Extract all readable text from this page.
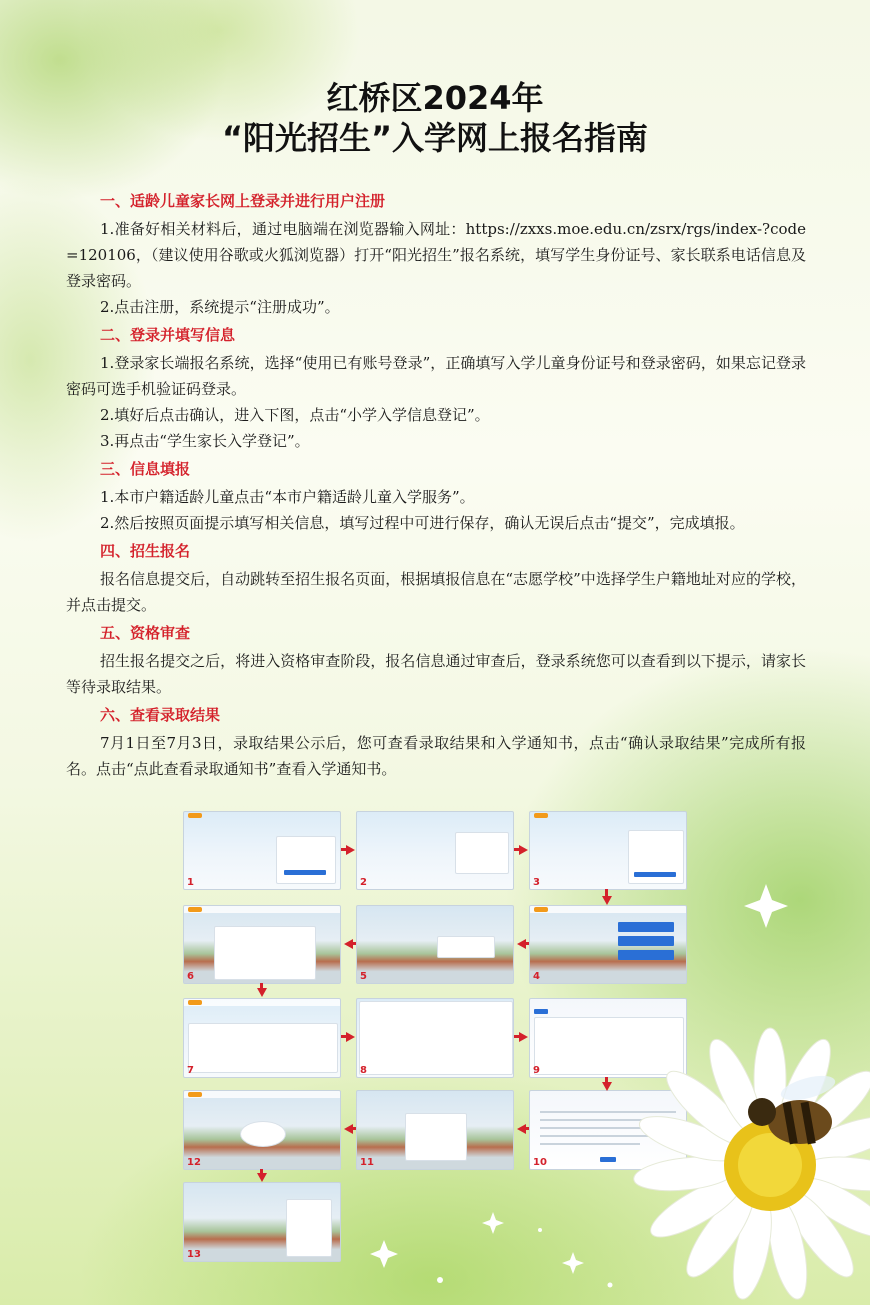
红桥区2024年
“阳光招生”入学网上报名指南
一、适龄儿童家长网上登录并进行用户注册

1.准备好相关材料后，通过电脑端在浏览器输入网址：https://zxxs.moe.edu.cn/zsrx/rgs/index-?code=120106，（建议使用谷歌或火狐浏览器）打开“阳光招生”报名系统，填写学生身份证号、家长联系电话信息及登录密码。

2.点击注册，系统提示“注册成功”。

二、登录并填写信息

1.登录家长端报名系统，选择“使用已有账号登录”，正确填写入学儿童身份证号和登录密码，如果忘记登录密码可选手机验证码登录。

2.填好后点击确认，进入下图，点击“小学入学信息登记”。

3.再点击“学生家长入学登记”。

三、信息填报

1.本市户籍适龄儿童点击“本市户籍适龄儿童入学服务”。

2.然后按照页面提示填写相关信息，填写过程中可进行保存，确认无误后点击“提交”，完成填报。

四、招生报名

报名信息提交后，自动跳转至招生报名页面，根据填报信息在“志愿学校”中选择学生户籍地址对应的学校，并点击提交。

五、资格审查

招生报名提交之后，将进入资格审查阶段，报名信息通过审查后，登录系统您可以查看到以下提示，请家长等待录取结果。

六、查看录取结果

7月1日至7月3日，录取结果公示后，您可查看录取结果和入学通知书，点击“确认录取结果”完成所有报名。点击“点此查看录取通知书”查看入学通知书。

1	2	3
6	5	4
7	8	9
12	11	10
13
